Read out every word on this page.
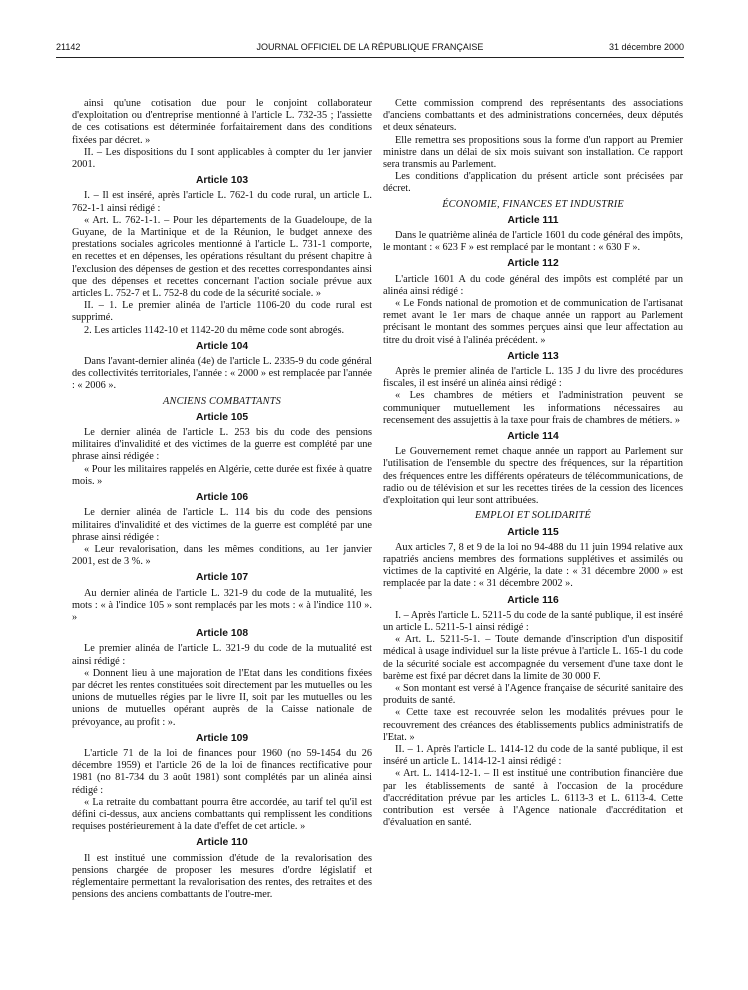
21142	JOURNAL OFFICIEL DE LA RÉPUBLIQUE FRANÇAISE	31 décembre 2000

ainsi qu'une cotisation due pour le conjoint collaborateur d'exploitation ou d'entreprise mentionné à l'article L. 732-35 ; l'assiette de ces cotisations est déterminée forfaitairement dans des conditions fixées par décret. »

II. – Les dispositions du I sont applicables à compter du 1er janvier 2001.

Article 103

I. – Il est inséré, après l'article L. 762-1 du code rural, un article L. 762-1-1 ainsi rédigé :

« Art. L. 762-1-1. – Pour les départements de la Guadeloupe, de la Guyane, de la Martinique et de la Réunion, le budget annexe des prestations sociales agricoles mentionné à l'article L. 731-1 comporte, en recettes et en dépenses, les opérations résultant du présent chapitre à l'exclusion des dépenses de gestion et des recettes correspondantes ainsi que des dépenses et recettes concernant l'action sociale prévue aux articles L. 752-7 et L. 752-8 du code de la sécurité sociale. »

II. – 1. Le premier alinéa de l'article 1106-20 du code rural est supprimé.

2. Les articles 1142-10 et 1142-20 du même code sont abrogés.

Article 104

Dans l'avant-dernier alinéa (4e) de l'article L. 2335-9 du code général des collectivités territoriales, l'année : « 2000 » est remplacée par l'année : « 2006 ».

ANCIENS COMBATTANTS
Article 105

Le dernier alinéa de l'article L. 253 bis du code des pensions militaires d'invalidité et des victimes de la guerre est complété par une phrase ainsi rédigée :

« Pour les militaires rappelés en Algérie, cette durée est fixée à quatre mois. »

Article 106

Le dernier alinéa de l'article L. 114 bis du code des pensions militaires d'invalidité et des victimes de la guerre est complété par une phrase ainsi rédigée :

« Leur revalorisation, dans les mêmes conditions, au 1er janvier 2001, est de 3 %. »

Article 107

Au dernier alinéa de l'article L. 321-9 du code de la mutualité, les mots : « à l'indice 105 » sont remplacés par les mots : « à l'indice 110 ». »

Article 108

Le premier alinéa de l'article L. 321-9 du code de la mutualité est ainsi rédigé :

« Donnent lieu à une majoration de l'Etat dans les conditions fixées par décret les rentes constituées soit directement par les mutuelles ou les unions de mutuelles régies par le livre II, soit par les mutuelles ou les unions de mutuelles opérant auprès de la Caisse nationale de prévoyance, au profit : ».

Article 109

L'article 71 de la loi de finances pour 1960 (no 59-1454 du 26 décembre 1959) et l'article 26 de la loi de finances rectificative pour 1981 (no 81-734 du 3 août 1981) sont complétés par un alinéa ainsi rédigé :

« La retraite du combattant pourra être accordée, au tarif tel qu'il est défini ci-dessus, aux anciens combattants qui remplissent les conditions requises postérieurement à la date d'effet de cet article. »

Article 110

Il est institué une commission d'étude de la revalorisation des pensions chargée de proposer les mesures d'ordre législatif et réglementaire permettant la revalorisation des rentes, des retraites et des pensions des anciens combattants de l'outre-mer.

Cette commission comprend des représentants des associations d'anciens combattants et des administrations concernées, deux députés et deux sénateurs.

Elle remettra ses propositions sous la forme d'un rapport au Premier ministre dans un délai de six mois suivant son installation. Ce rapport sera transmis au Parlement.

Les conditions d'application du présent article sont précisées par décret.

ÉCONOMIE, FINANCES ET INDUSTRIE
Article 111

Dans le quatrième alinéa de l'article 1601 du code général des impôts, le montant : « 623 F » est remplacé par le montant : « 630 F ».

Article 112

L'article 1601 A du code général des impôts est complété par un alinéa ainsi rédigé :

« Le Fonds national de promotion et de communication de l'artisanat remet avant le 1er mars de chaque année un rapport au Parlement précisant le montant des sommes perçues ainsi que leur affectation au titre du droit visé à l'alinéa précédent. »

Article 113

Après le premier alinéa de l'article L. 135 J du livre des procédures fiscales, il est inséré un alinéa ainsi rédigé :

« Les chambres de métiers et l'administration peuvent se communiquer mutuellement les informations nécessaires au recensement des assujettis à la taxe pour frais de chambres de métiers. »

Article 114

Le Gouvernement remet chaque année un rapport au Parlement sur l'utilisation de l'ensemble du spectre des fréquences, sur la répartition des fréquences entre les différents opérateurs de télécommunications, de radio ou de télévision et sur les recettes tirées de la cession des licences d'exploitation qui leur sont attribuées.

EMPLOI ET SOLIDARITÉ
Article 115

Aux articles 7, 8 et 9 de la loi no 94-488 du 11 juin 1994 relative aux rapatriés anciens membres des formations supplétives et assimilés ou victimes de la captivité en Algérie, la date : « 31 décembre 2000 » est remplacée par la date : « 31 décembre 2002 ».

Article 116

I. – Après l'article L. 5211-5 du code de la santé publique, il est inséré un article L. 5211-5-1 ainsi rédigé :

« Art. L. 5211-5-1. – Toute demande d'inscription d'un dispositif médical à usage individuel sur la liste prévue à l'article L. 165-1 du code de la sécurité sociale est accompagnée du versement d'une taxe dont le barème est fixé par décret dans la limite de 30 000 F.

« Son montant est versé à l'Agence française de sécurité sanitaire des produits de santé.

« Cette taxe est recouvrée selon les modalités prévues pour le recouvrement des créances des établissements publics administratifs de l'Etat. »

II. – 1. Après l'article L. 1414-12 du code de la santé publique, il est inséré un article L. 1414-12-1 ainsi rédigé :

« Art. L. 1414-12-1. – Il est institué une contribution financière due par les établissements de santé à l'occasion de la procédure d'accréditation prévue par les articles L. 6113-3 et L. 6113-4. Cette contribution est versée à l'Agence nationale d'accréditation et d'évaluation en santé.
